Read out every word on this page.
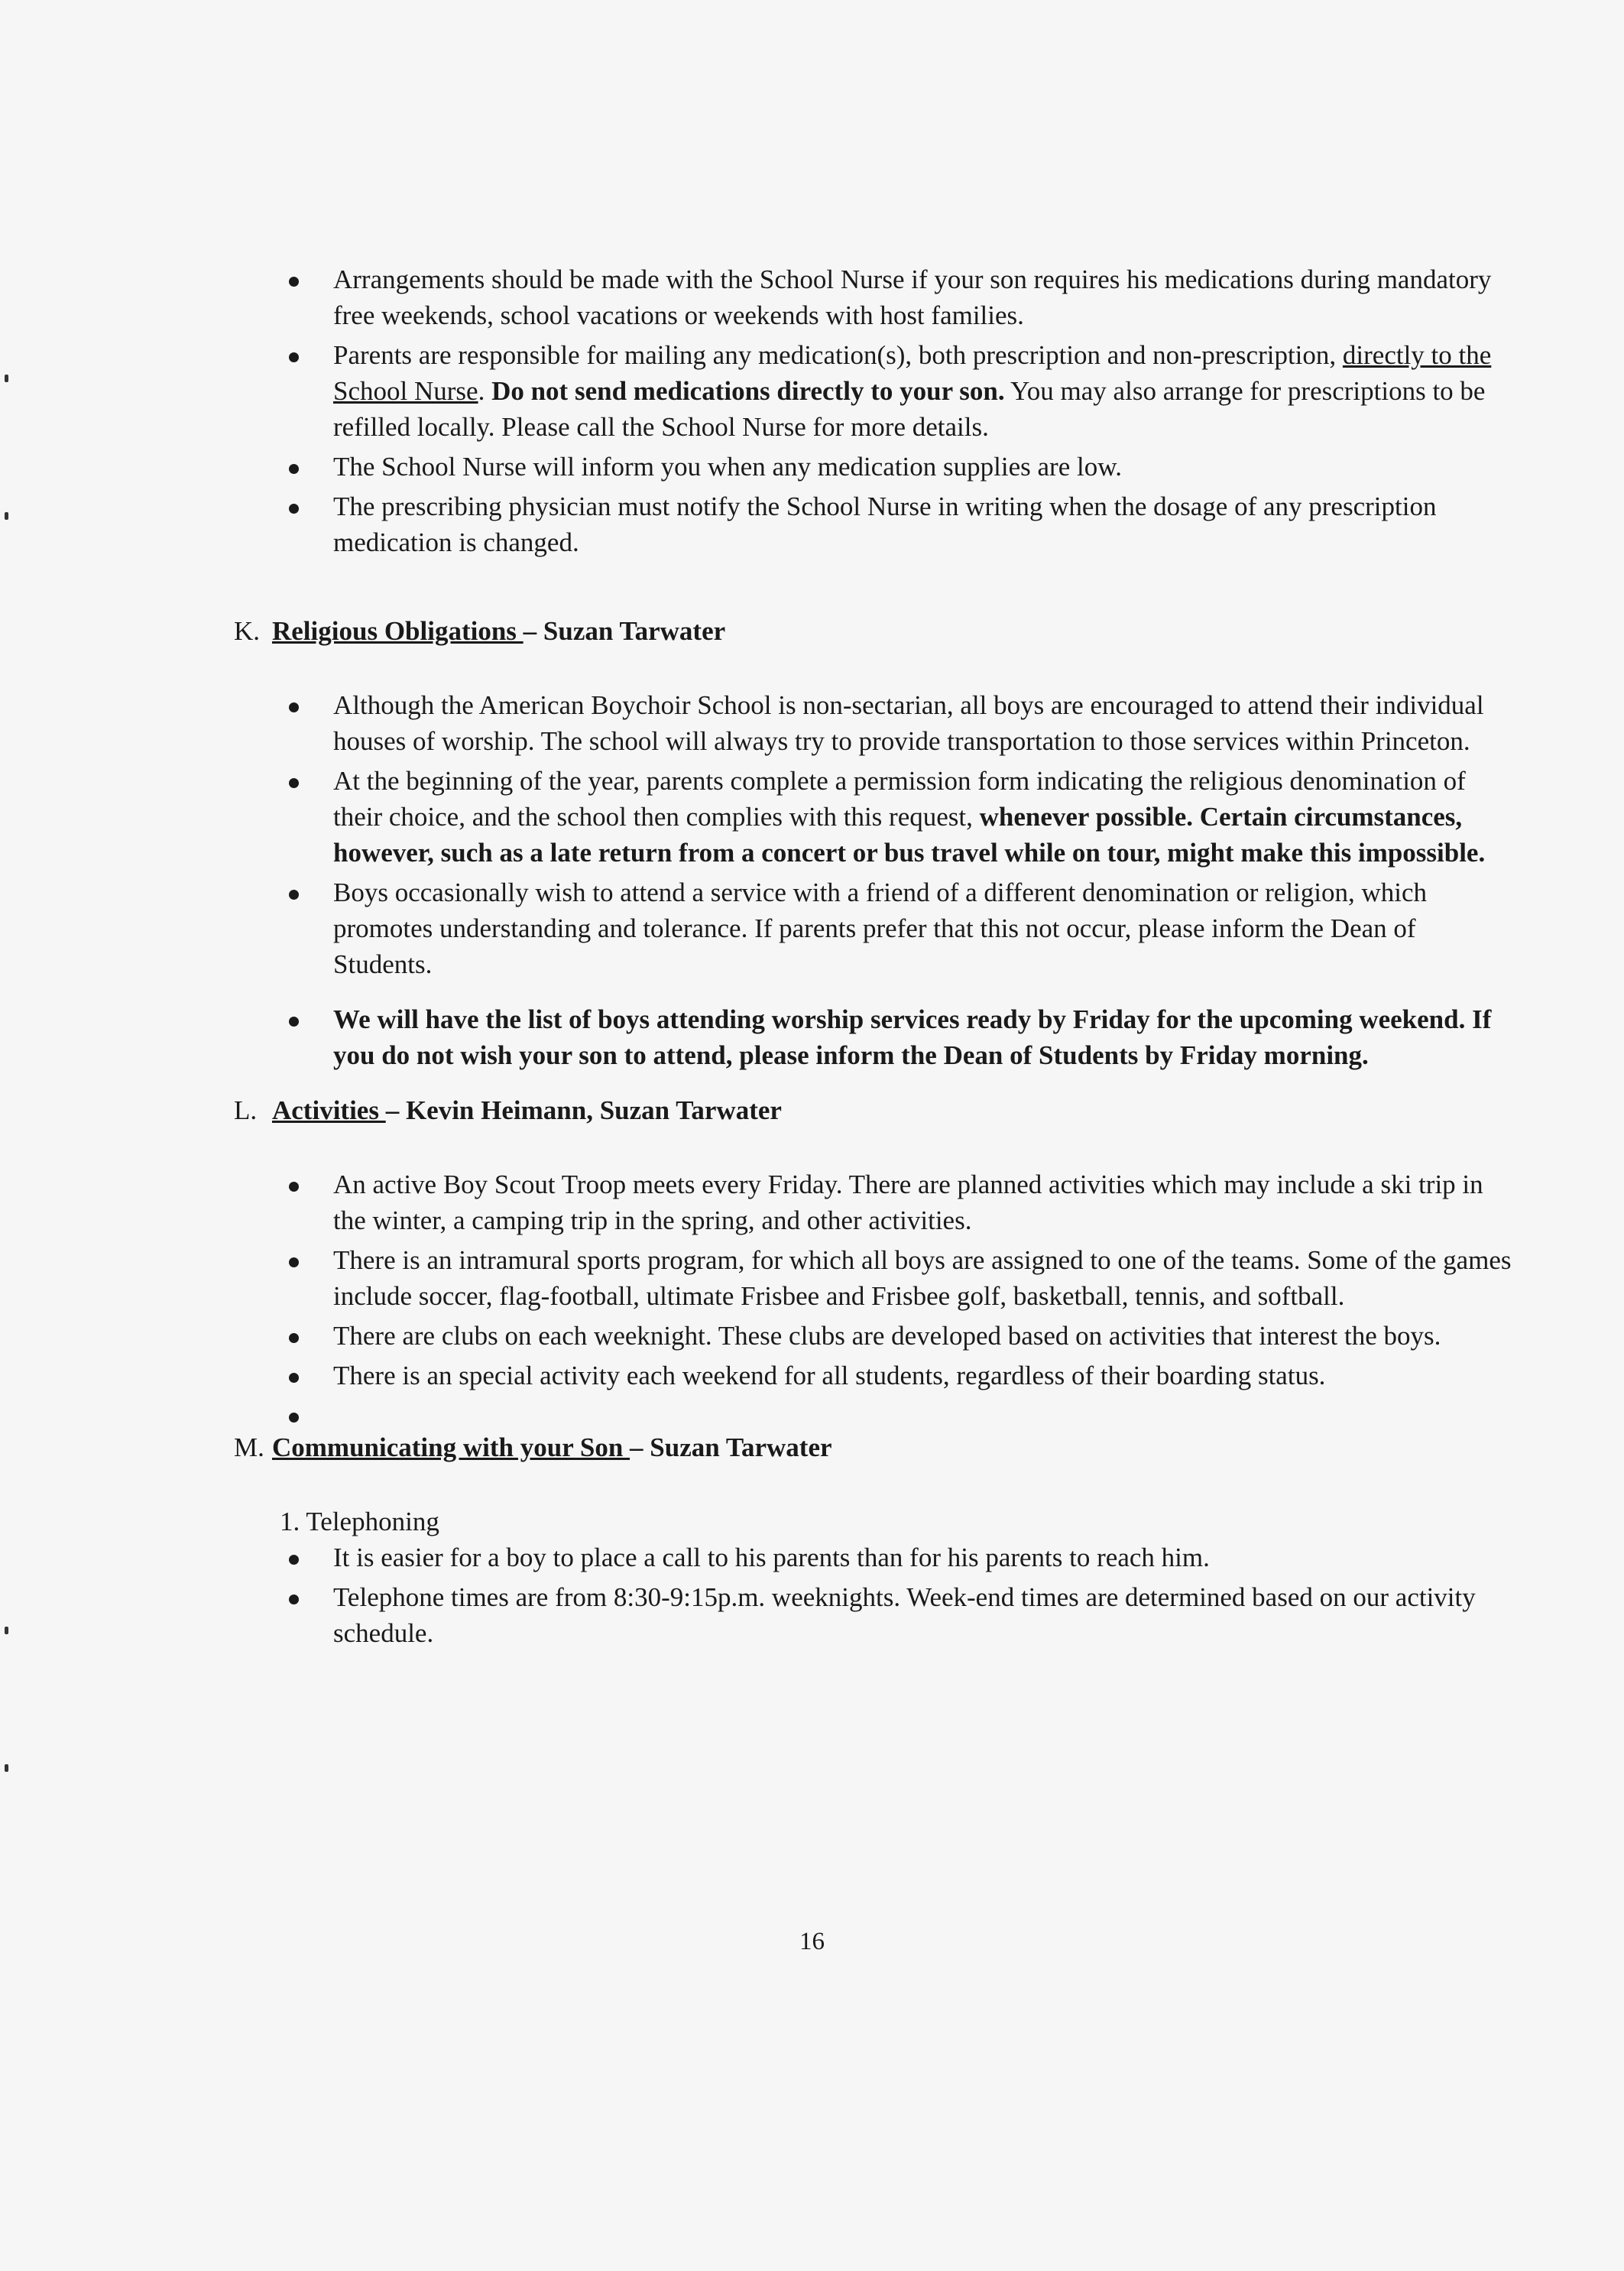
Arrangements should be made with the School Nurse if your son requires his medications during mandatory free weekends, school vacations or weekends with host families.
Parents are responsible for mailing any medication(s), both prescription and non-prescription, directly to the School Nurse. Do not send medications directly to your son. You may also arrange for prescriptions to be refilled locally. Please call the School Nurse for more details.
The School Nurse will inform you when any medication supplies are low.
The prescribing physician must notify the School Nurse in writing when the dosage of any prescription medication is changed.

K. Religious Obligations – Suzan Tarwater

Although the American Boychoir School is non-sectarian, all boys are encouraged to attend their individual houses of worship. The school will always try to provide transportation to those services within Princeton.
At the beginning of the year, parents complete a permission form indicating the religious denomination of their choice, and the school then complies with this request, whenever possible. Certain circumstances, however, such as a late return from a concert or bus travel while on tour, might make this impossible.
Boys occasionally wish to attend a service with a friend of a different denomination or religion, which promotes understanding and tolerance. If parents prefer that this not occur, please inform the Dean of Students.
We will have the list of boys attending worship services ready by Friday for the upcoming weekend. If you do not wish your son to attend, please inform the Dean of Students by Friday morning.

L. Activities – Kevin Heimann, Suzan Tarwater

An active Boy Scout Troop meets every Friday. There are planned activities which may include a ski trip in the winter, a camping trip in the spring, and other activities.
There is an intramural sports program, for which all boys are assigned to one of the teams. Some of the games include soccer, flag-football, ultimate Frisbee and Frisbee golf, basketball, tennis, and softball.
There are clubs on each weeknight. These clubs are developed based on activities that interest the boys.
There is an special activity each weekend for all students, regardless of their boarding status.

M. Communicating with your Son – Suzan Tarwater

1. Telephoning

It is easier for a boy to place a call to his parents than for his parents to reach him.
Telephone times are from 8:30-9:15p.m. weeknights. Week-end times are determined based on our activity schedule.
16
